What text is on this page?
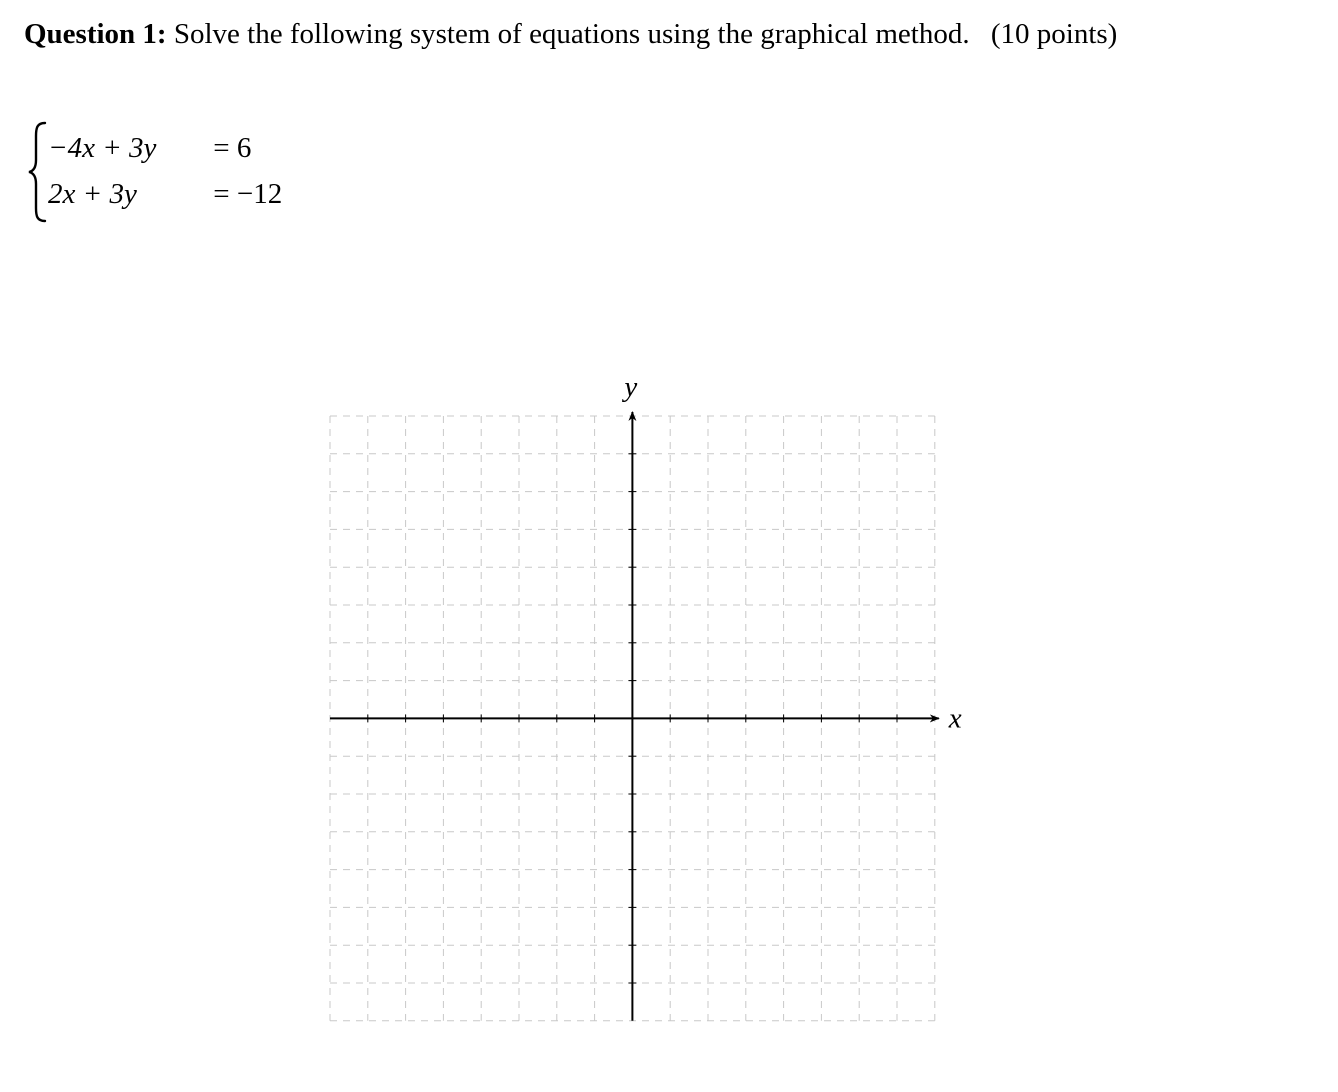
Question 1: Solve the following system of equations using the graphical method. (10 points)
−4x + 3y = 6
2x + 3y	= −12
x
y
